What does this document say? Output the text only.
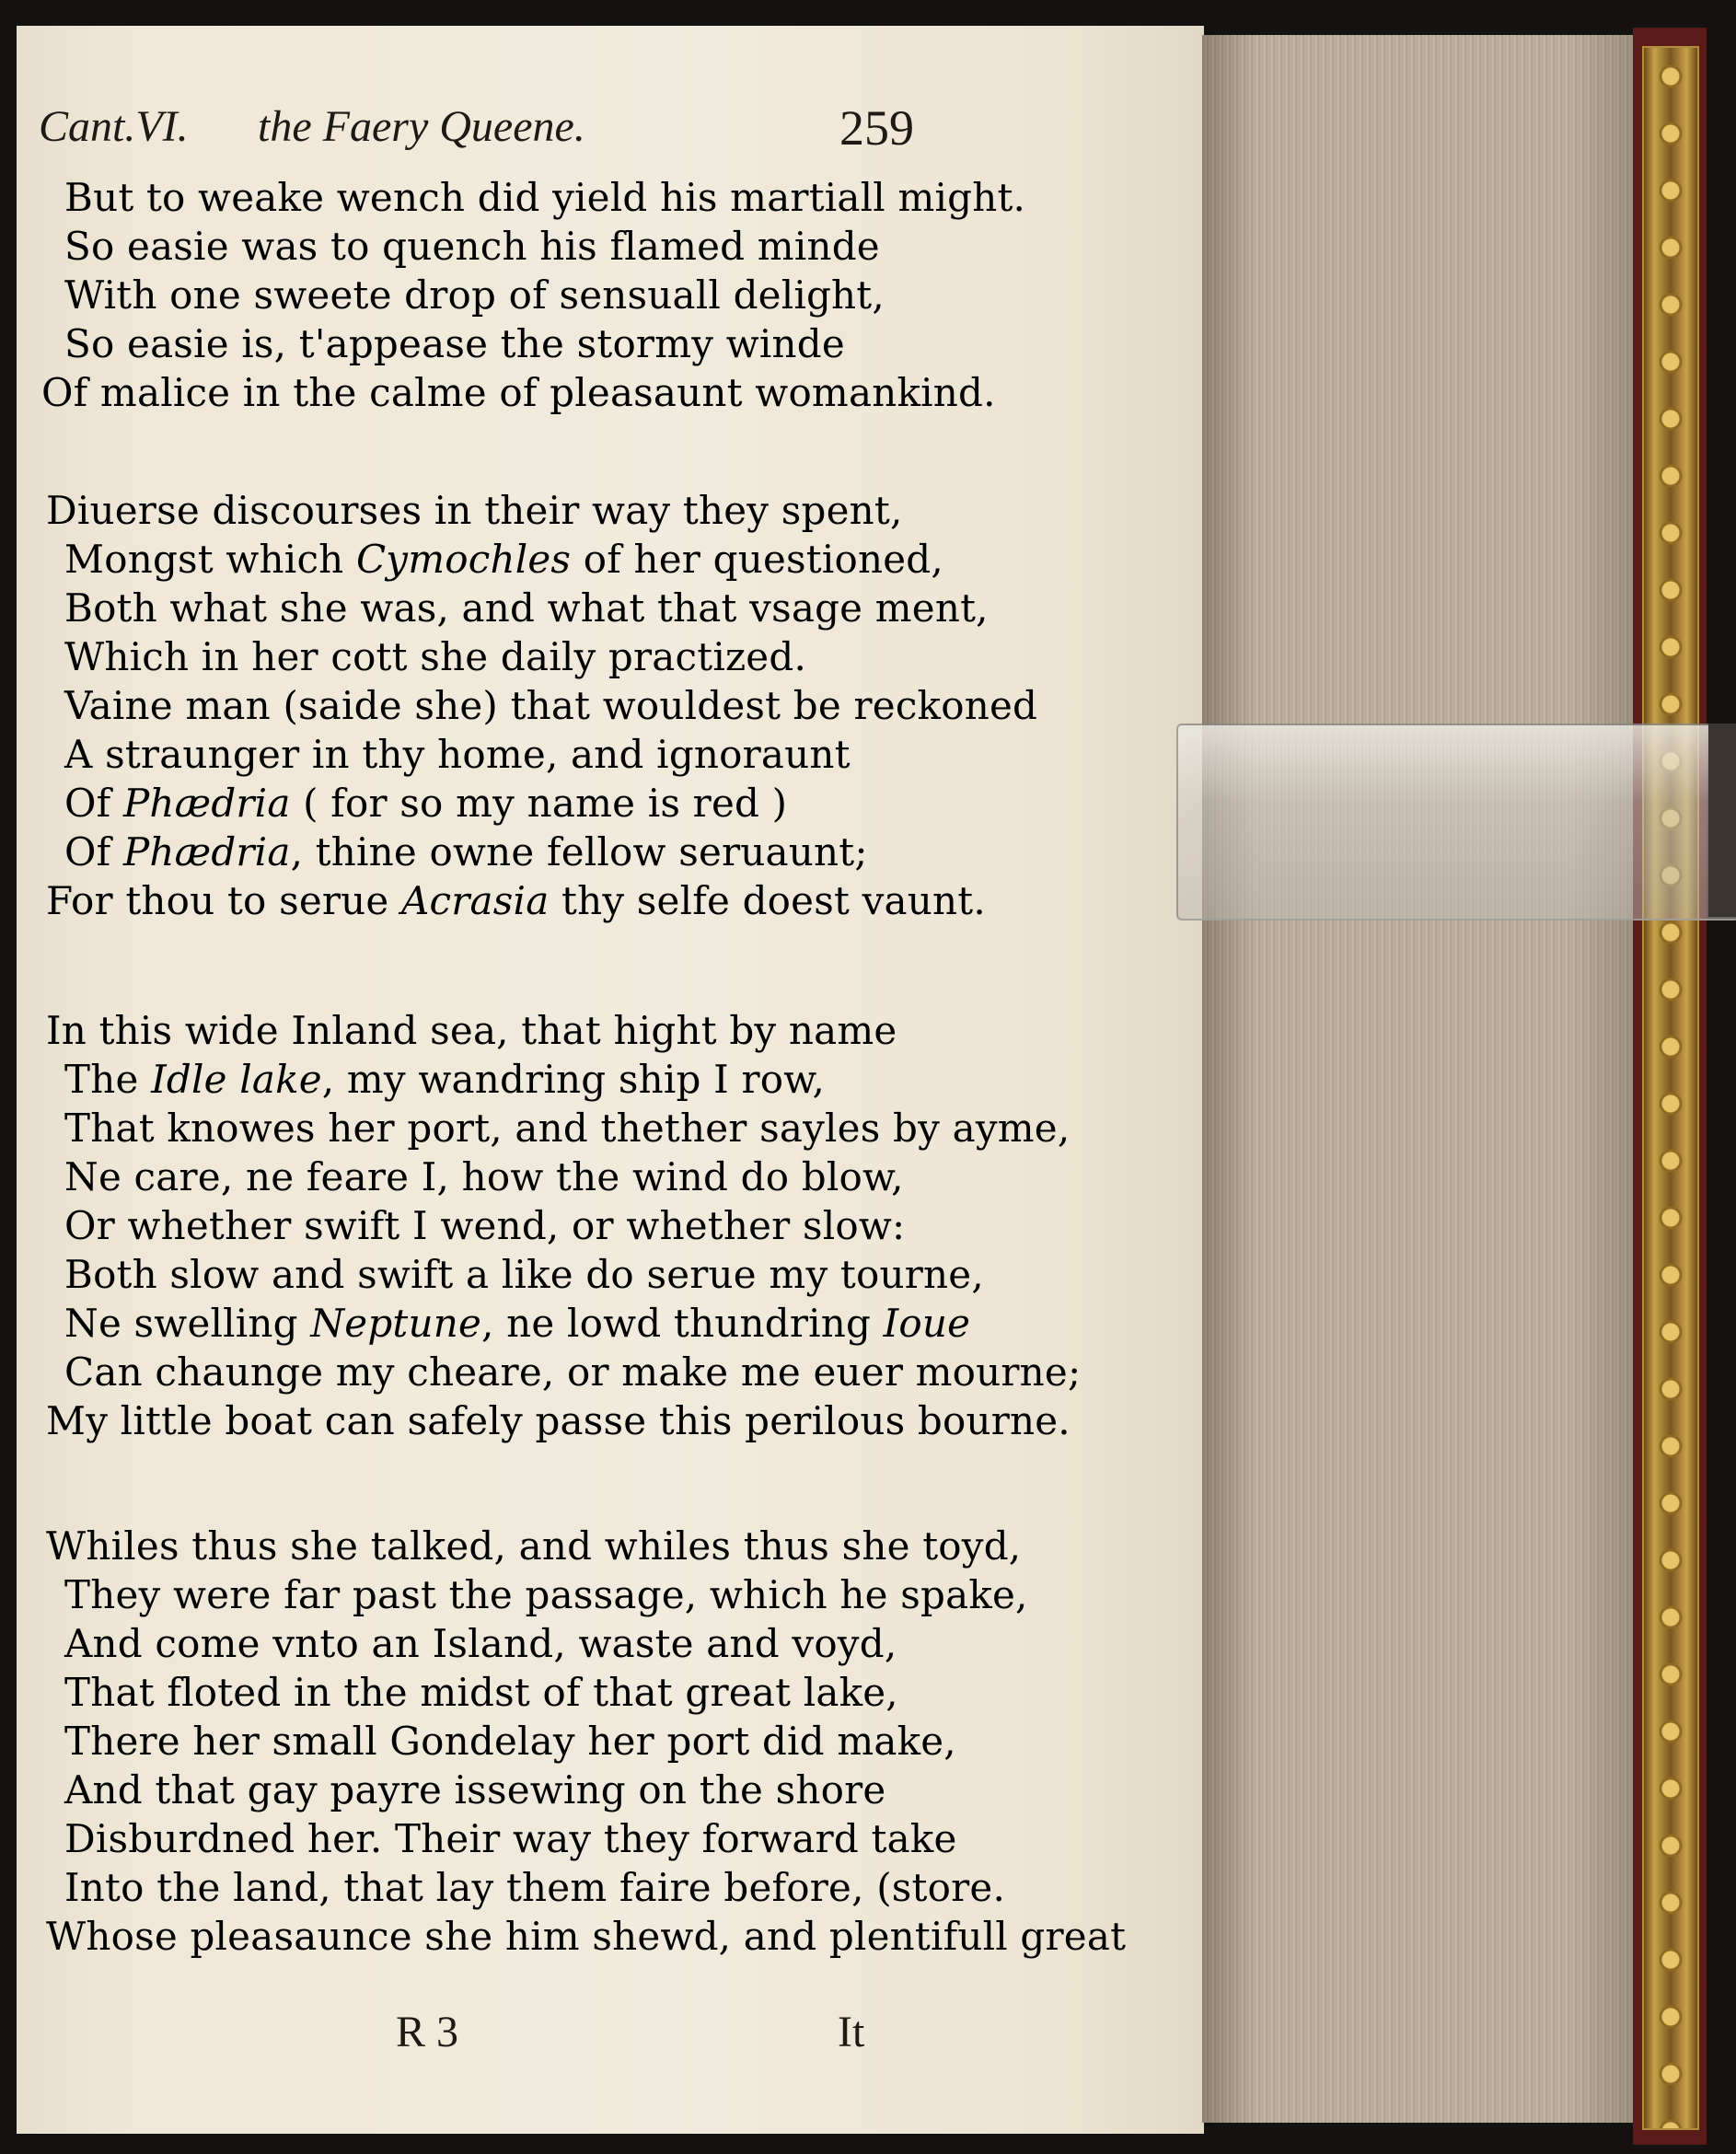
Cant.VI. the Faery Queene.	259
But to weake wench did yield his martiall might.
So easie was to quench his flamed minde
With one sweete drop of sensuall delight,
So easie is, t'appease the stormy winde
Of malice in the calme of pleasaunt womankind.
Diuerse discourses in their way they spent,
Mongst which Cymochles of her questioned,
Both what she was, and what that vsage ment,
Which in her cott she daily practized.
Vaine man (saide she) that wouldest be reckoned
A straunger in thy home, and ignoraunt
Of Phædria ( for so my name is red )
Of Phædria, thine owne fellow seruaunt;
For thou to serue Acrasia thy selfe doest vaunt.
In this wide Inland sea, that hight by name
The Idle lake, my wandring ship I row,
That knowes her port, and thether sayles by ayme,
Ne care, ne feare I, how the wind do blow,
Or whether swift I wend, or whether slow:
Both slow and swift a like do serue my tourne,
Ne swelling Neptune, ne lowd thundring Ioue
Can chaunge my cheare, or make me euer mourne;
My little boat can safely passe this perilous bourne.
Whiles thus she talked, and whiles thus she toyd,
They were far past the passage, which he spake,
And come vnto an Island, waste and voyd,
That floted in the midst of that great lake,
There her small Gondelay her port did make,
And that gay payre issewing on the shore
Disburdned her. Their way they forward take
Into the land, that lay them faire before, (store.
Whose pleasaunce she him shewd, and plentifull great
R 3	It
